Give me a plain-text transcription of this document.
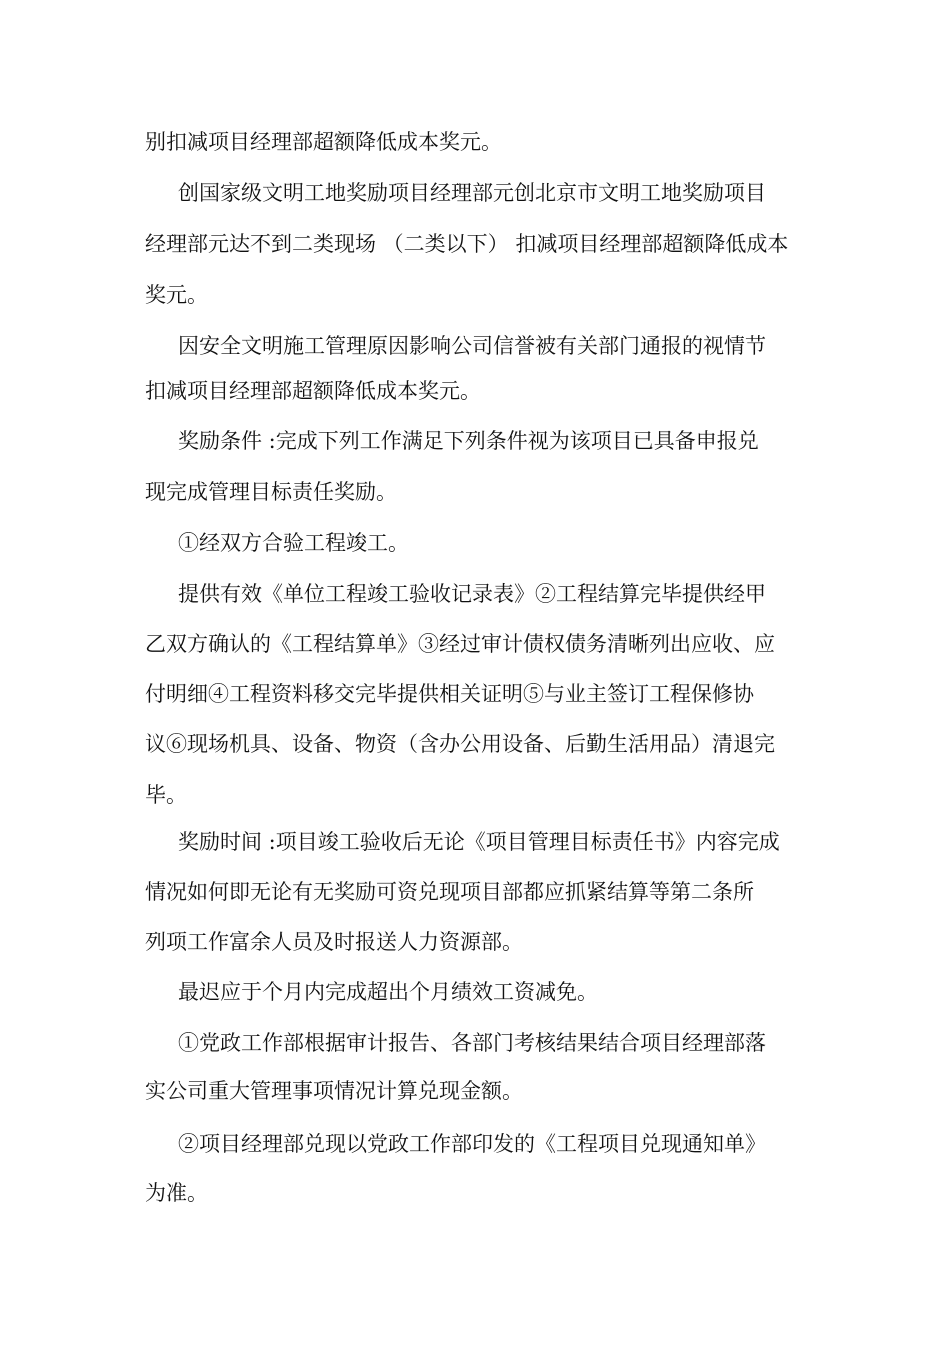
别扣减项目经理部超额降低成本奖元。
创国家级文明工地奖励项目经理部元创北京市文明工地奖励项目
经理部元达不到二类现场 （二类以下） 扣减项目经理部超额降低成本
奖元。
因安全文明施工管理原因影响公司信誉被有关部门通报的视情节
扣减项目经理部超额降低成本奖元。
奖励条件 :完成下列工作满足下列条件视为该项目已具备申报兑
现完成管理目标责任奖励。
①经双方合验工程竣工。
提供有效《单位工程竣工验收记录表》②工程结算完毕提供经甲
乙双方确认的《工程结算单》③经过审计债权债务清晰列出应收、应
付明细④工程资料移交完毕提供相关证明⑤与业主签订工程保修协
议⑥现场机具、设备、物资（含办公用设备、后勤生活用品）清退完
毕。
奖励时间 :项目竣工验收后无论《项目管理目标责任书》内容完成
情况如何即无论有无奖励可资兑现项目部都应抓紧结算等第二条所
列项工作富余人员及时报送人力资源部。
最迟应于个月内完成超出个月绩效工资减免。
①党政工作部根据审计报告、各部门考核结果结合项目经理部落
实公司重大管理事项情况计算兑现金额。
②项目经理部兑现以党政工作部印发的《工程项目兑现通知单》
为准。
